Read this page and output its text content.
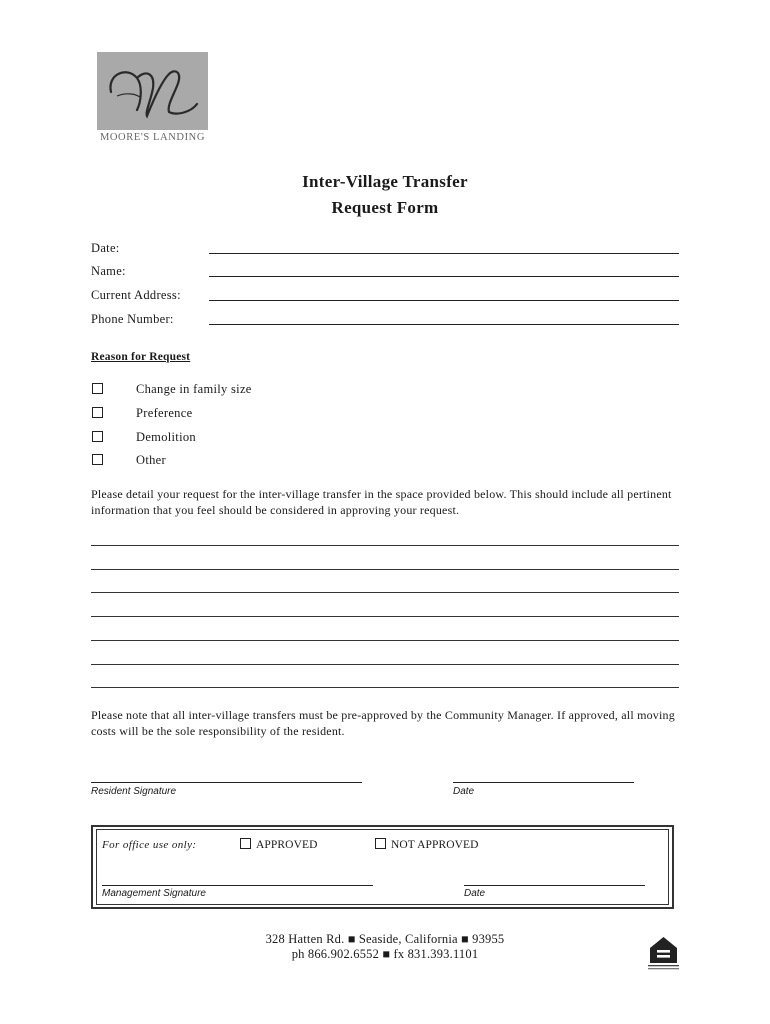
MOORE'S LANDING
Inter-Village Transfer
Request Form
Date:
Name:
Current Address:
Phone Number:
Reason for Request
Change in family size
Preference
Demolition
Other
Please detail your request for the inter-village transfer in the space provided below. This should include all pertinent information that you feel should be considered in approving your request.
Please note that all inter-village transfers must be pre-approved by the Community Manager. If approved, all moving costs will be the sole responsibility of the resident.
Resident Signature	Date
For office use only:	APPROVED	NOT APPROVED
Management Signature	Date
328 Hatten Rd. ■ Seaside, California ■ 93955
ph 866.902.6552 ■ fx 831.393.1101
